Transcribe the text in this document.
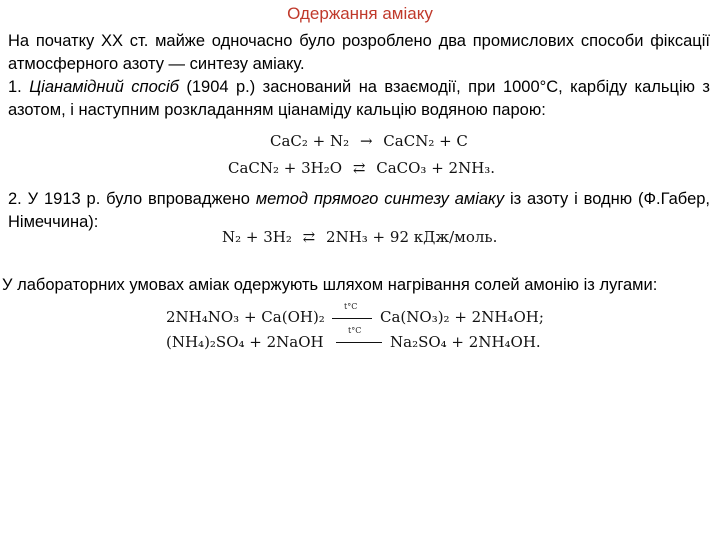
Одержання аміаку
На початку XX ст. майже одночасно було розроблено два промислових способи фіксації атмосферного азоту — синтезу аміаку.
1. Ціанамідний спосіб (1904 р.) заснований на взаємодії, при 1000°С, карбіду кальцію з азотом, і наступним розкладанням ціанаміду кальцію водяною парою:
CaC₂ + N₂ → CaCN₂ + C
CaCN₂ + 3H₂O ⇄ CaCO₃ + 2NH₃.
2. У 1913 р. було впроваджено метод прямого синтезу аміаку із азоту і водню (Ф.Габер, Німеччина):
N₂ + 3H₂ ⇄ 2NH₃ + 92 кДж/моль.
У лабораторних умовах аміак одержують шляхом нагрівання солей амонію із лугами:
2NH₄NO₃ + Ca(OH)₂
t°C
Ca(NO₃)₂ + 2NH₄OH;
(NH₄)₂SO₄ + 2NaOH
t°C
Na₂SO₄ + 2NH₄OH.
